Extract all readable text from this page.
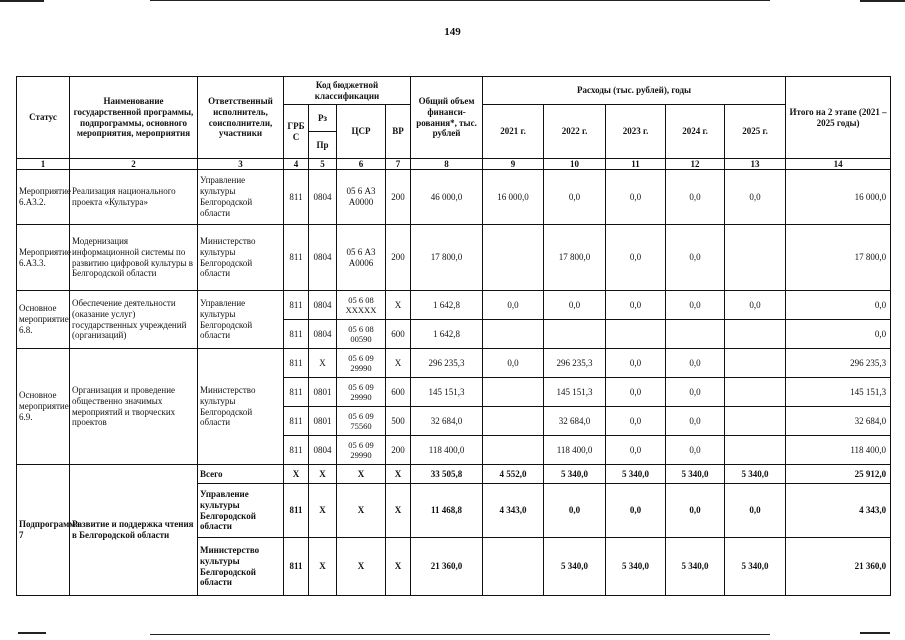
149
Статус	Наименование государственной программы, подпрограммы, основного мероприятия, мероприятия	Ответственный исполнитель, соисполнители, участники	Код бюджетной классификации				Общий объем финанси-рования*, тыс. рублей	Расходы (тыс. рублей), годы					Итого на 2 этапе (2021 – 2025 годы)
			ГРБ С	Рз	ЦСР	ВР		2021 г.	2022 г.	2023 г.	2024 г.	2025 г.	
				Пр									
1	2	3	4	5	6	7	8	9	10	11	12	13	14
Мероприятие 6.А3.2.	Реализация национального проекта «Культура»	Управление культуры Белгородской области	811	0804	05 6 А3 А0000	200	46 000,0	16 000,0	0,0	0,0	0,0	0,0	16 000,0
Мероприятие 6.А3.3.	Модернизация информационной системы по развитию цифровой культуры в Белгородской области	Министерство культуры Белгородской области	811	0804	05 6 А3 А0006	200	17 800,0		17 800,0	0,0	0,0		17 800,0
Основное мероприятие 6.8.	Обеспечение деятельности (оказание услуг) государственных учреждений (организаций)	Управление культуры Белгородской области	811	0804	05 6 08 XXXXX	X	1 642,8	0,0	0,0	0,0	0,0	0,0	0,0
			811	0804	05 6 08 00590	600	1 642,8						0,0
Основное мероприятие 6.9.	Организация и проведение общественно значимых мероприятий и творческих проектов	Министерство культуры Белгородской области	811	X	05 6 09 29990	X	296 235,3	0,0	296 235,3	0,0	0,0		296 235,3
			811	0801	05 6 09 29990	600	145 151,3		145 151,3	0,0	0,0		145 151,3
			811	0801	05 6 09 75560	500	32 684,0		32 684,0	0,0	0,0		32 684,0
			811	0804	05 6 09 29990	200	118 400,0		118 400,0	0,0	0,0		118 400,0
Подпрограмма 7	Развитие и поддержка чтения в Белгородской области	Всего	X	X	X	X	33 505,8	4 552,0	5 340,0	5 340,0	5 340,0	5 340,0	25 912,0
		Управление культуры Белгородской области	811	X	X	X	11 468,8	4 343,0	0,0	0,0	0,0	0,0	4 343,0
		Министерство культуры Белгородской области	811	X	X	X	21 360,0		5 340,0	5 340,0	5 340,0	5 340,0	21 360,0
